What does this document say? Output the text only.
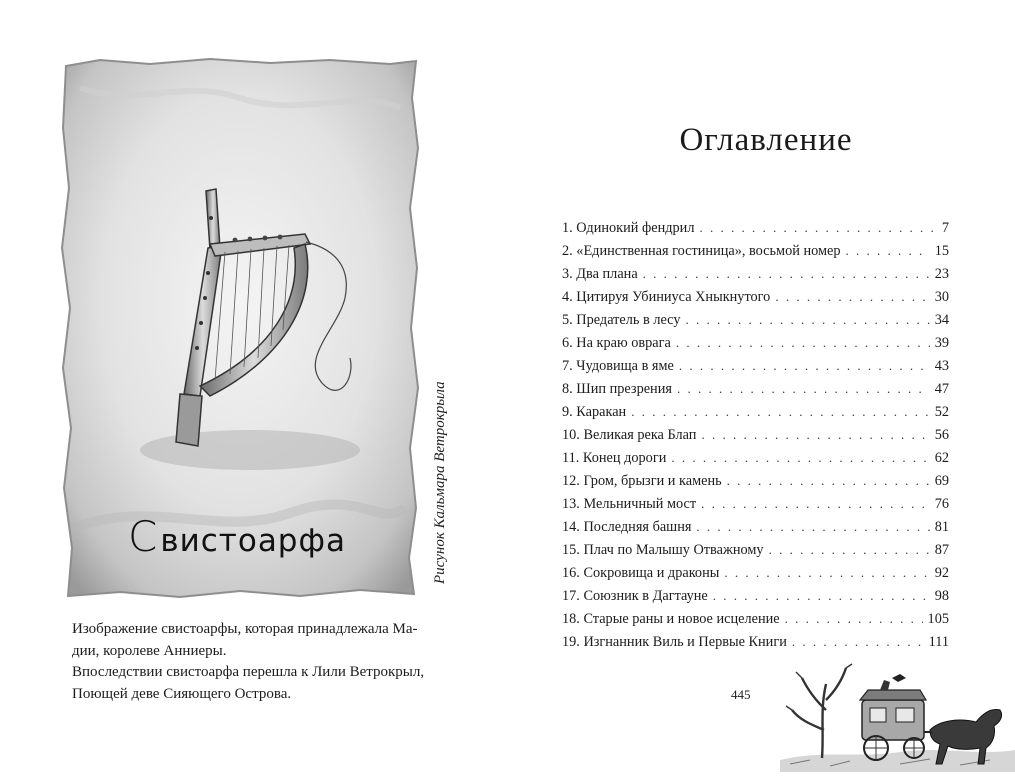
Свистоарфа	Рисунок Кальмара Ветрокрыла

Изображение свистоарфы, которая принадлежала Ма-
дии, королеве Анниеры.

Впоследствии свистоарфа перешла к Лили Ветрокрыл,
Поющей деве Сияющего Острова.

Оглавление
1. Одинокий фендрил . . .	7
2. «Единственная гостиница», восьмой номер . . .	15
3. Два плана . . .	23
4. Цитируя Убиниуса Хныкнутого . . .	30
5. Предатель в лесу . . .	34
6. На краю оврага . . .	39
7. Чудовища в яме . . .	43
8. Шип презрения . . .	47
9. Каракан . . .	52
10. Великая река Блап . . .	56
11. Конец дороги . . .	62
12. Гром, брызги и камень . . .	69
13. Мельничный мост . . .	76
14. Последняя башня . . .	81
15. Плач по Малышу Отважному . . .	87
16. Сокровища и драконы . . .	92
17. Союзник в Дагтауне . . .	98
18. Старые раны и новое исцеление . . .	105
19. Изгнанник Виль и Первые Книги . . .	111
445
